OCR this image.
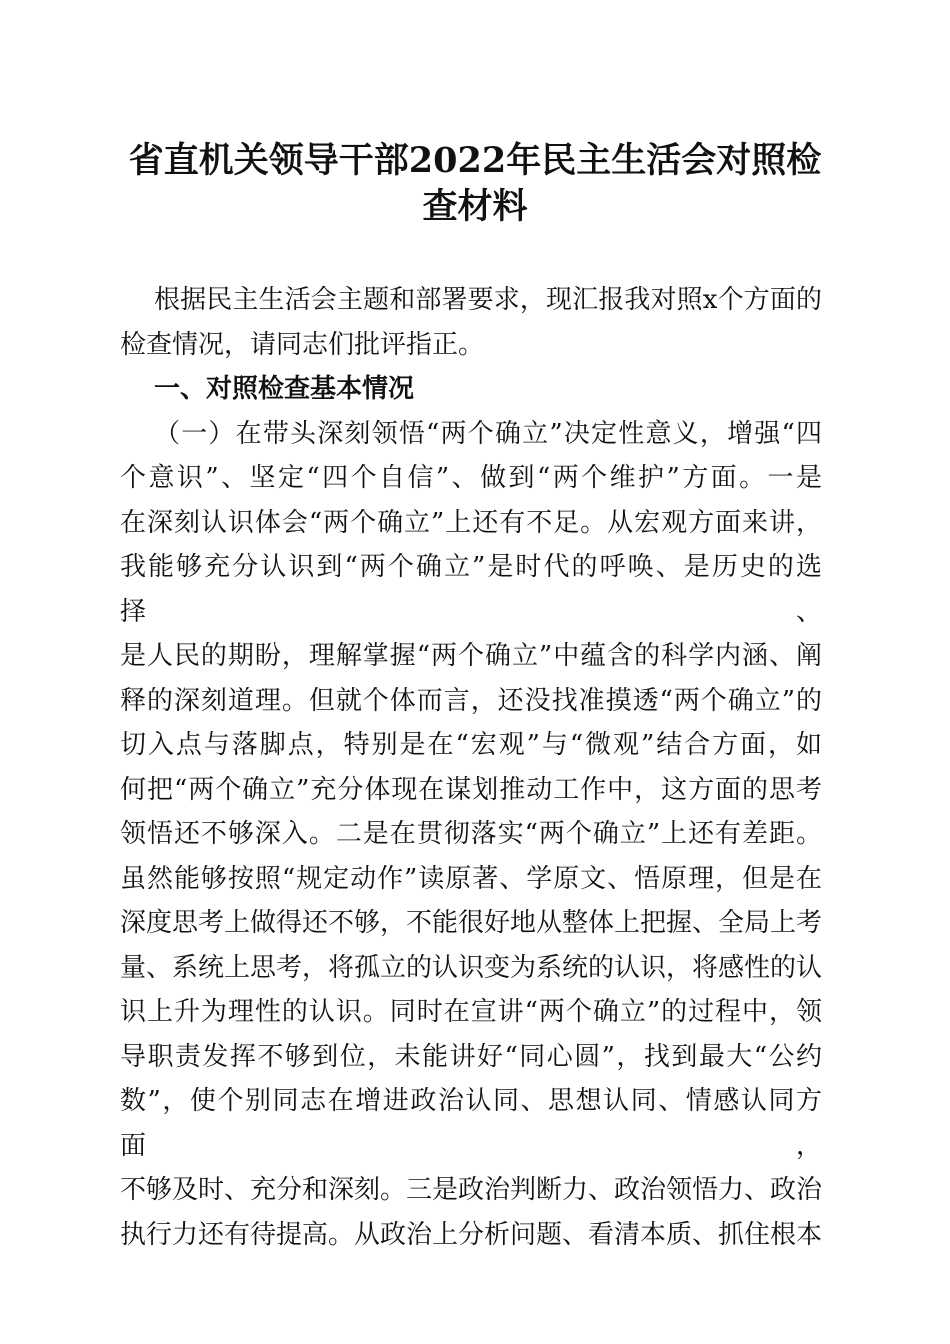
省直机关领导干部2022年民主生活会对照检
查材料
根据民主生活会主题和部署要求，现汇报我对照x个方面的
检查情况，请同志们批评指正。
一、对照检查基本情况
（一）在带头深刻领悟“两个确立”决定性意义，增强“四
个意识”、坚定“四个自信”、做到“两个维护”方面。一是
在深刻认识体会“两个确立”上还有不足。从宏观方面来讲，
我能够充分认识到“两个确立”是时代的呼唤、是历史的选择、
是人民的期盼，理解掌握“两个确立”中蕴含的科学内涵、阐
释的深刻道理。但就个体而言，还没找准摸透“两个确立”的
切入点与落脚点，特别是在“宏观”与“微观”结合方面，如
何把“两个确立”充分体现在谋划推动工作中，这方面的思考
领悟还不够深入。二是在贯彻落实“两个确立”上还有差距。
虽然能够按照“规定动作”读原著、学原文、悟原理，但是在
深度思考上做得还不够，不能很好地从整体上把握、全局上考
量、系统上思考，将孤立的认识变为系统的认识，将感性的认
识上升为理性的认识。同时在宣讲“两个确立”的过程中，领
导职责发挥不够到位，未能讲好“同心圆”，找到最大“公约
数”，使个别同志在增进政治认同、思想认同、情感认同方面，
不够及时、充分和深刻。三是政治判断力、政治领悟力、政治
执行力还有待提高。从政治上分析问题、看清本质、抓住根本
